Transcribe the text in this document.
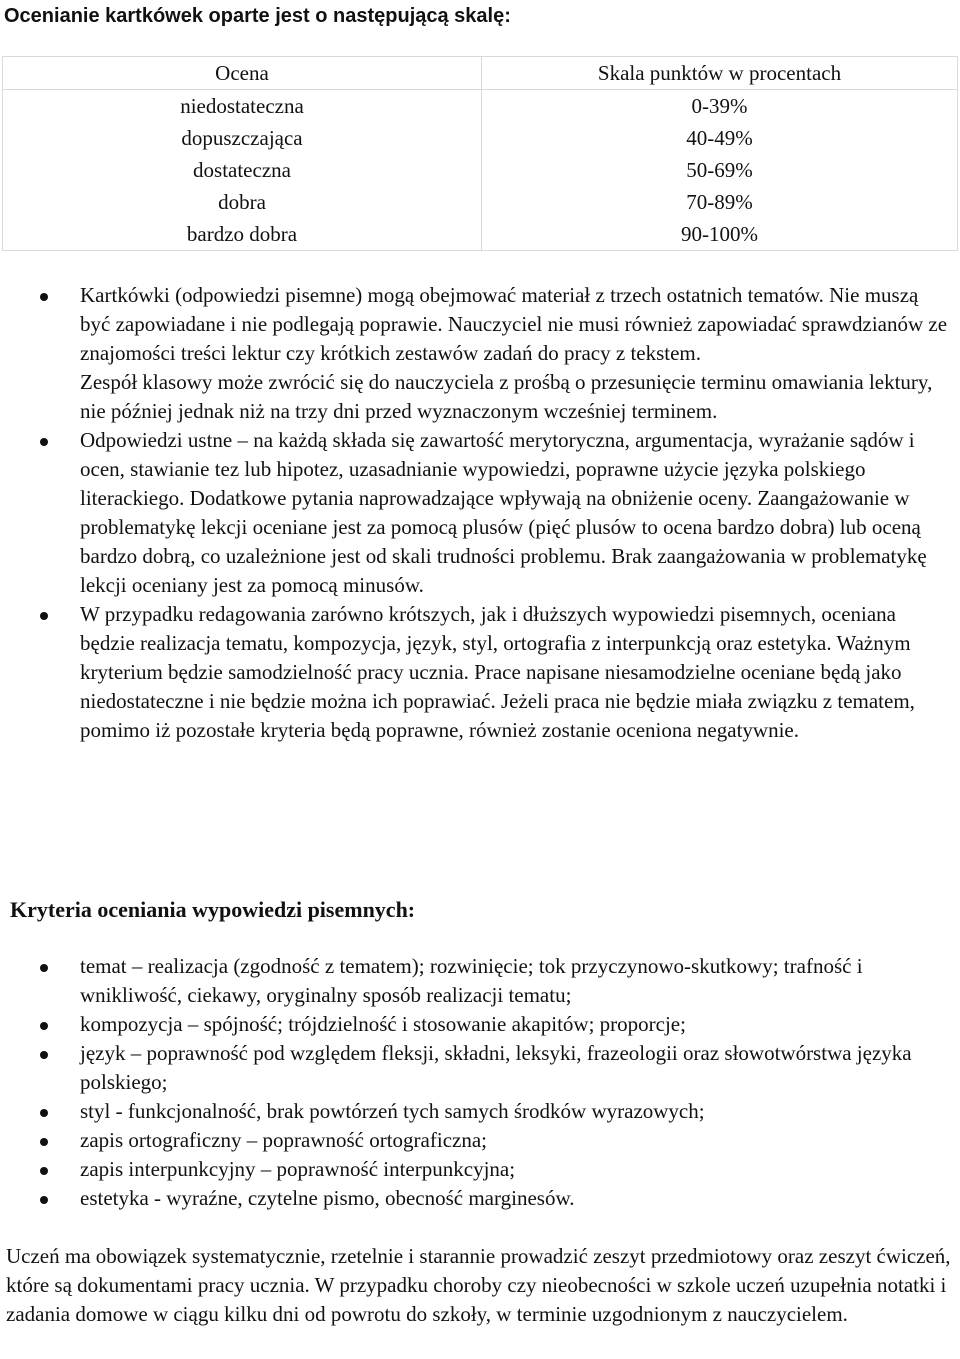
Ocenianie kartkówek oparte jest o następującą skalę:
Ocena	Skala punktów w procentach
niedostateczna	0-39%
dopuszczająca	40-49%
dostateczna	50-69%
dobra	70-89%
bardzo dobra	90-100%
Kartkówki (odpowiedzi pisemne) mogą obejmować materiał z trzech ostatnich tematów. Nie muszą być zapowiadane i nie podlegają poprawie. Nauczyciel nie musi również zapowiadać sprawdzianów ze znajomości treści lektur czy krótkich zestawów zadań do pracy z tekstem.
Zespół klasowy może zwrócić się do nauczyciela z prośbą o przesunięcie terminu omawiania lektury, nie później jednak niż na trzy dni przed wyznaczonym wcześniej terminem.
Odpowiedzi ustne – na każdą składa się zawartość merytoryczna, argumentacja, wyrażanie sądów i ocen, stawianie tez lub hipotez, uzasadnianie wypowiedzi, poprawne użycie języka polskiego literackiego. Dodatkowe pytania naprowadzające wpływają na obniżenie oceny. Zaangażowanie w problematykę lekcji oceniane jest za pomocą plusów (pięć plusów to ocena bardzo dobra) lub oceną bardzo dobrą, co uzależnione jest od skali trudności problemu. Brak zaangażowania w problematykę lekcji oceniany jest za pomocą minusów.
W przypadku redagowania zarówno krótszych, jak i dłuższych wypowiedzi pisemnych, oceniana będzie realizacja tematu, kompozycja, język, styl, ortografia z interpunkcją oraz estetyka. Ważnym kryterium będzie samodzielność pracy ucznia. Prace napisane niesamodzielne oceniane będą jako niedostateczne i nie będzie można ich poprawiać. Jeżeli praca nie będzie miała związku z tematem, pomimo iż pozostałe kryteria będą poprawne, również zostanie oceniona negatywnie.
Kryteria oceniania wypowiedzi pisemnych:
temat – realizacja (zgodność z tematem); rozwinięcie; tok przyczynowo-skutkowy; trafność i wnikliwość, ciekawy, oryginalny sposób realizacji tematu;
kompozycja – spójność; trójdzielność i stosowanie akapitów; proporcje;
język – poprawność pod względem fleksji, składni, leksyki, frazeologii oraz słowotwórstwa języka polskiego;
styl - funkcjonalność, brak powtórzeń tych samych środków wyrazowych;
zapis ortograficzny – poprawność ortograficzna;
zapis interpunkcyjny – poprawność interpunkcyjna;
estetyka - wyraźne, czytelne pismo, obecność marginesów.

Uczeń ma obowiązek systematycznie, rzetelnie i starannie prowadzić zeszyt przedmiotowy oraz zeszyt ćwiczeń, które są dokumentami pracy ucznia. W przypadku choroby czy nieobecności w szkole uczeń uzupełnia notatki i zadania domowe w ciągu kilku dni od powrotu do szkoły, w terminie uzgodnionym z nauczycielem.
